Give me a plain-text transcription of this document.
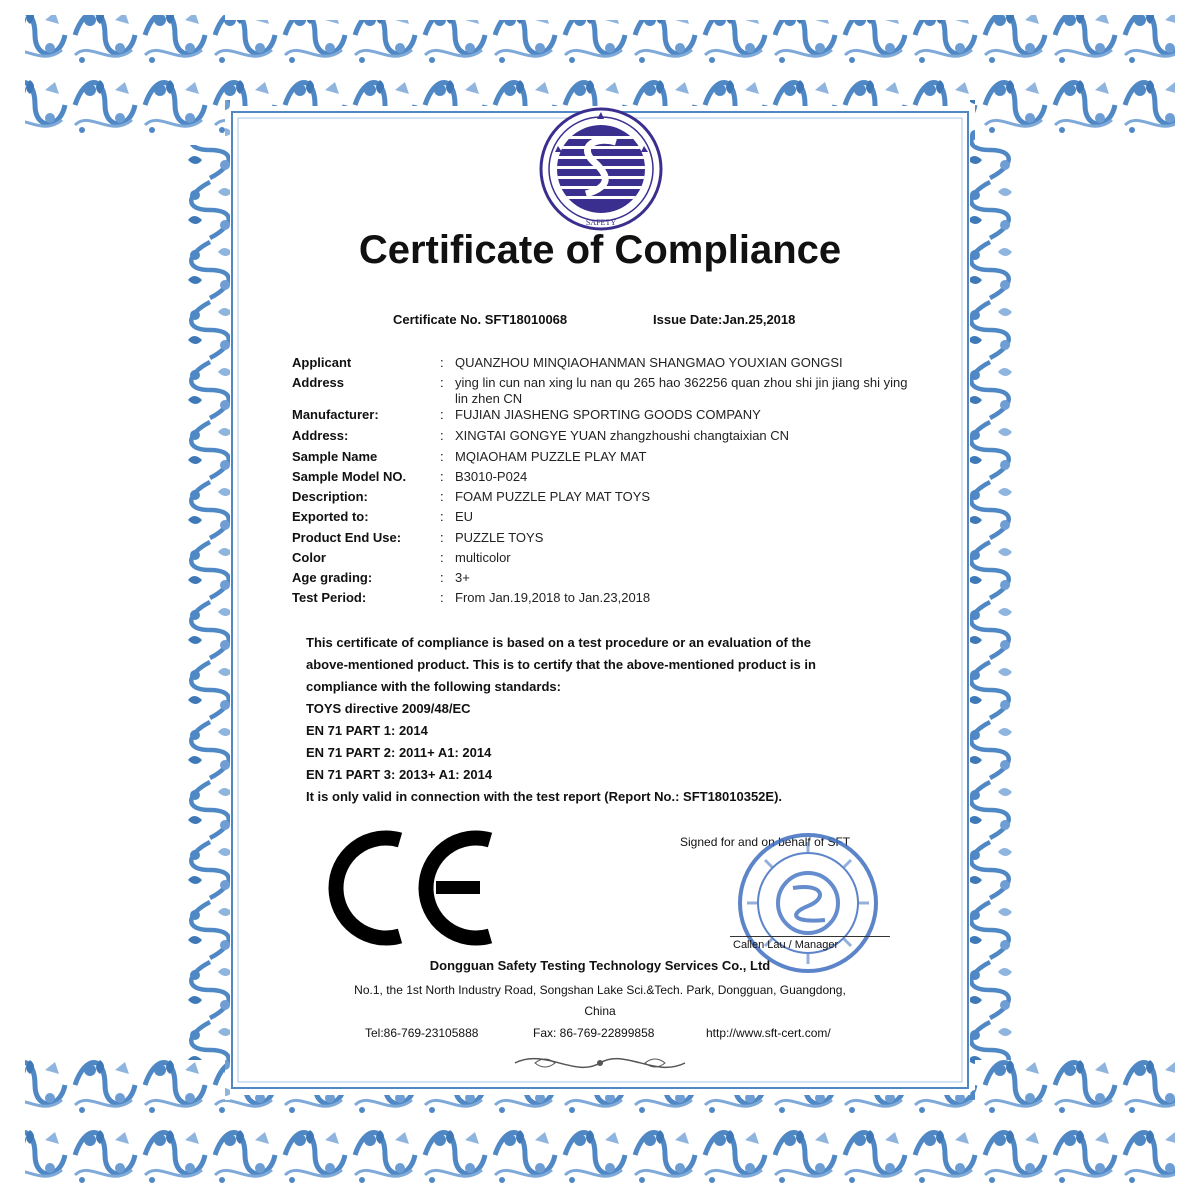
SAFETY
Certificate of Compliance
Certificate No. SFT18010068	Issue Date:Jan.25,2018
Applicant	: QUANZHOU MINQIAOHANMAN SHANGMAO YOUXIAN GONGSI
Address	: ying lin cun nan xing lu nan qu 265 hao 362256 quan zhou shi jin jiang shi ying lin zhen CN
Manufacturer:	: FUJIAN JIASHENG SPORTING GOODS COMPANY
Address:	: XINGTAI GONGYE YUAN zhangzhoushi changtaixian CN
Sample Name	: MQIAOHAM PUZZLE PLAY MAT
Sample Model NO.	: B3010-P024
Description:	: FOAM PUZZLE PLAY MAT TOYS
Exported to:	: EU
Product End Use:	: PUZZLE TOYS
Color	: multicolor
Age grading:	: 3+
Test Period:	: From Jan.19,2018 to Jan.23,2018
This certificate of compliance is based on a test procedure or an evaluation of the
above-mentioned product. This is to certify that the above-mentioned product is in
compliance with the following standards:
TOYS directive 2009/48/EC
EN 71 PART 1: 2014
EN 71 PART 2: 2011+ A1: 2014
EN 71 PART 3: 2013+ A1: 2014
It is only valid in connection with the test report (Report No.: SFT18010352E).
Signed for and on behalf of SFT
Callen Lau / Manager
Dongguan Safety Testing Technology Services Co., Ltd
No.1, the 1st North Industry Road, Songshan Lake Sci.&Tech. Park, Dongguan, Guangdong,
China
Tel:86-769-23105888	Fax: 86-769-22899858	http://www.sft-cert.com/
